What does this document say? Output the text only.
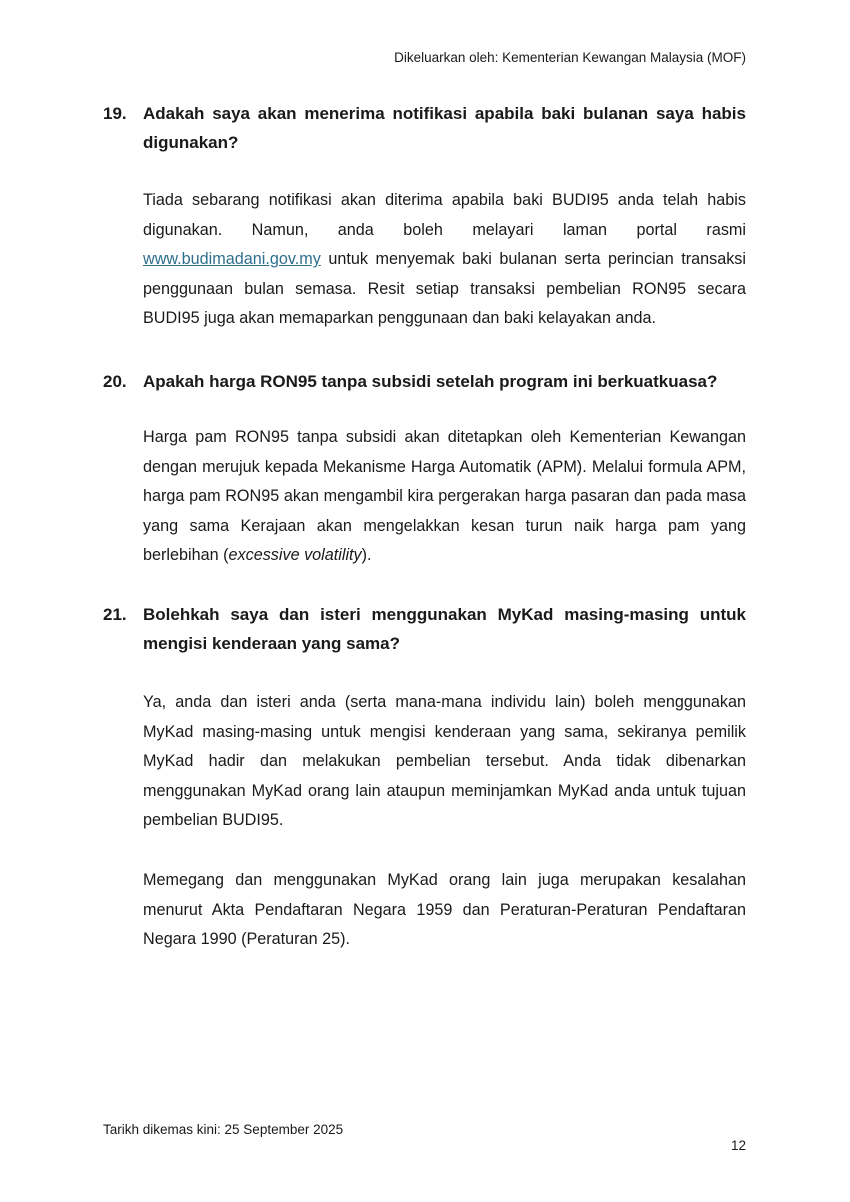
Dikeluarkan oleh: Kementerian Kewangan Malaysia (MOF)
19. Adakah saya akan menerima notifikasi apabila baki bulanan saya habis digunakan?

Tiada sebarang notifikasi akan diterima apabila baki BUDI95 anda telah habis digunakan. Namun, anda boleh melayari laman portal rasmi www.budimadani.gov.my untuk menyemak baki bulanan serta perincian transaksi penggunaan bulan semasa. Resit setiap transaksi pembelian RON95 secara BUDI95 juga akan memaparkan penggunaan dan baki kelayakan anda.

20. Apakah harga RON95 tanpa subsidi setelah program ini berkuatkuasa?

Harga pam RON95 tanpa subsidi akan ditetapkan oleh Kementerian Kewangan dengan merujuk kepada Mekanisme Harga Automatik (APM). Melalui formula APM, harga pam RON95 akan mengambil kira pergerakan harga pasaran dan pada masa yang sama Kerajaan akan mengelakkan kesan turun naik harga pam yang berlebihan (excessive volatility).

21. Bolehkah saya dan isteri menggunakan MyKad masing-masing untuk mengisi kenderaan yang sama?

Ya, anda dan isteri anda (serta mana-mana individu lain) boleh menggunakan MyKad masing-masing untuk mengisi kenderaan yang sama, sekiranya pemilik MyKad hadir dan melakukan pembelian tersebut. Anda tidak dibenarkan menggunakan MyKad orang lain ataupun meminjamkan MyKad anda untuk tujuan pembelian BUDI95.

Memegang dan menggunakan MyKad orang lain juga merupakan kesalahan menurut Akta Pendaftaran Negara 1959 dan Peraturan-Peraturan Pendaftaran Negara 1990 (Peraturan 25).

Tarikh dikemas kini: 25 September 2025
12
